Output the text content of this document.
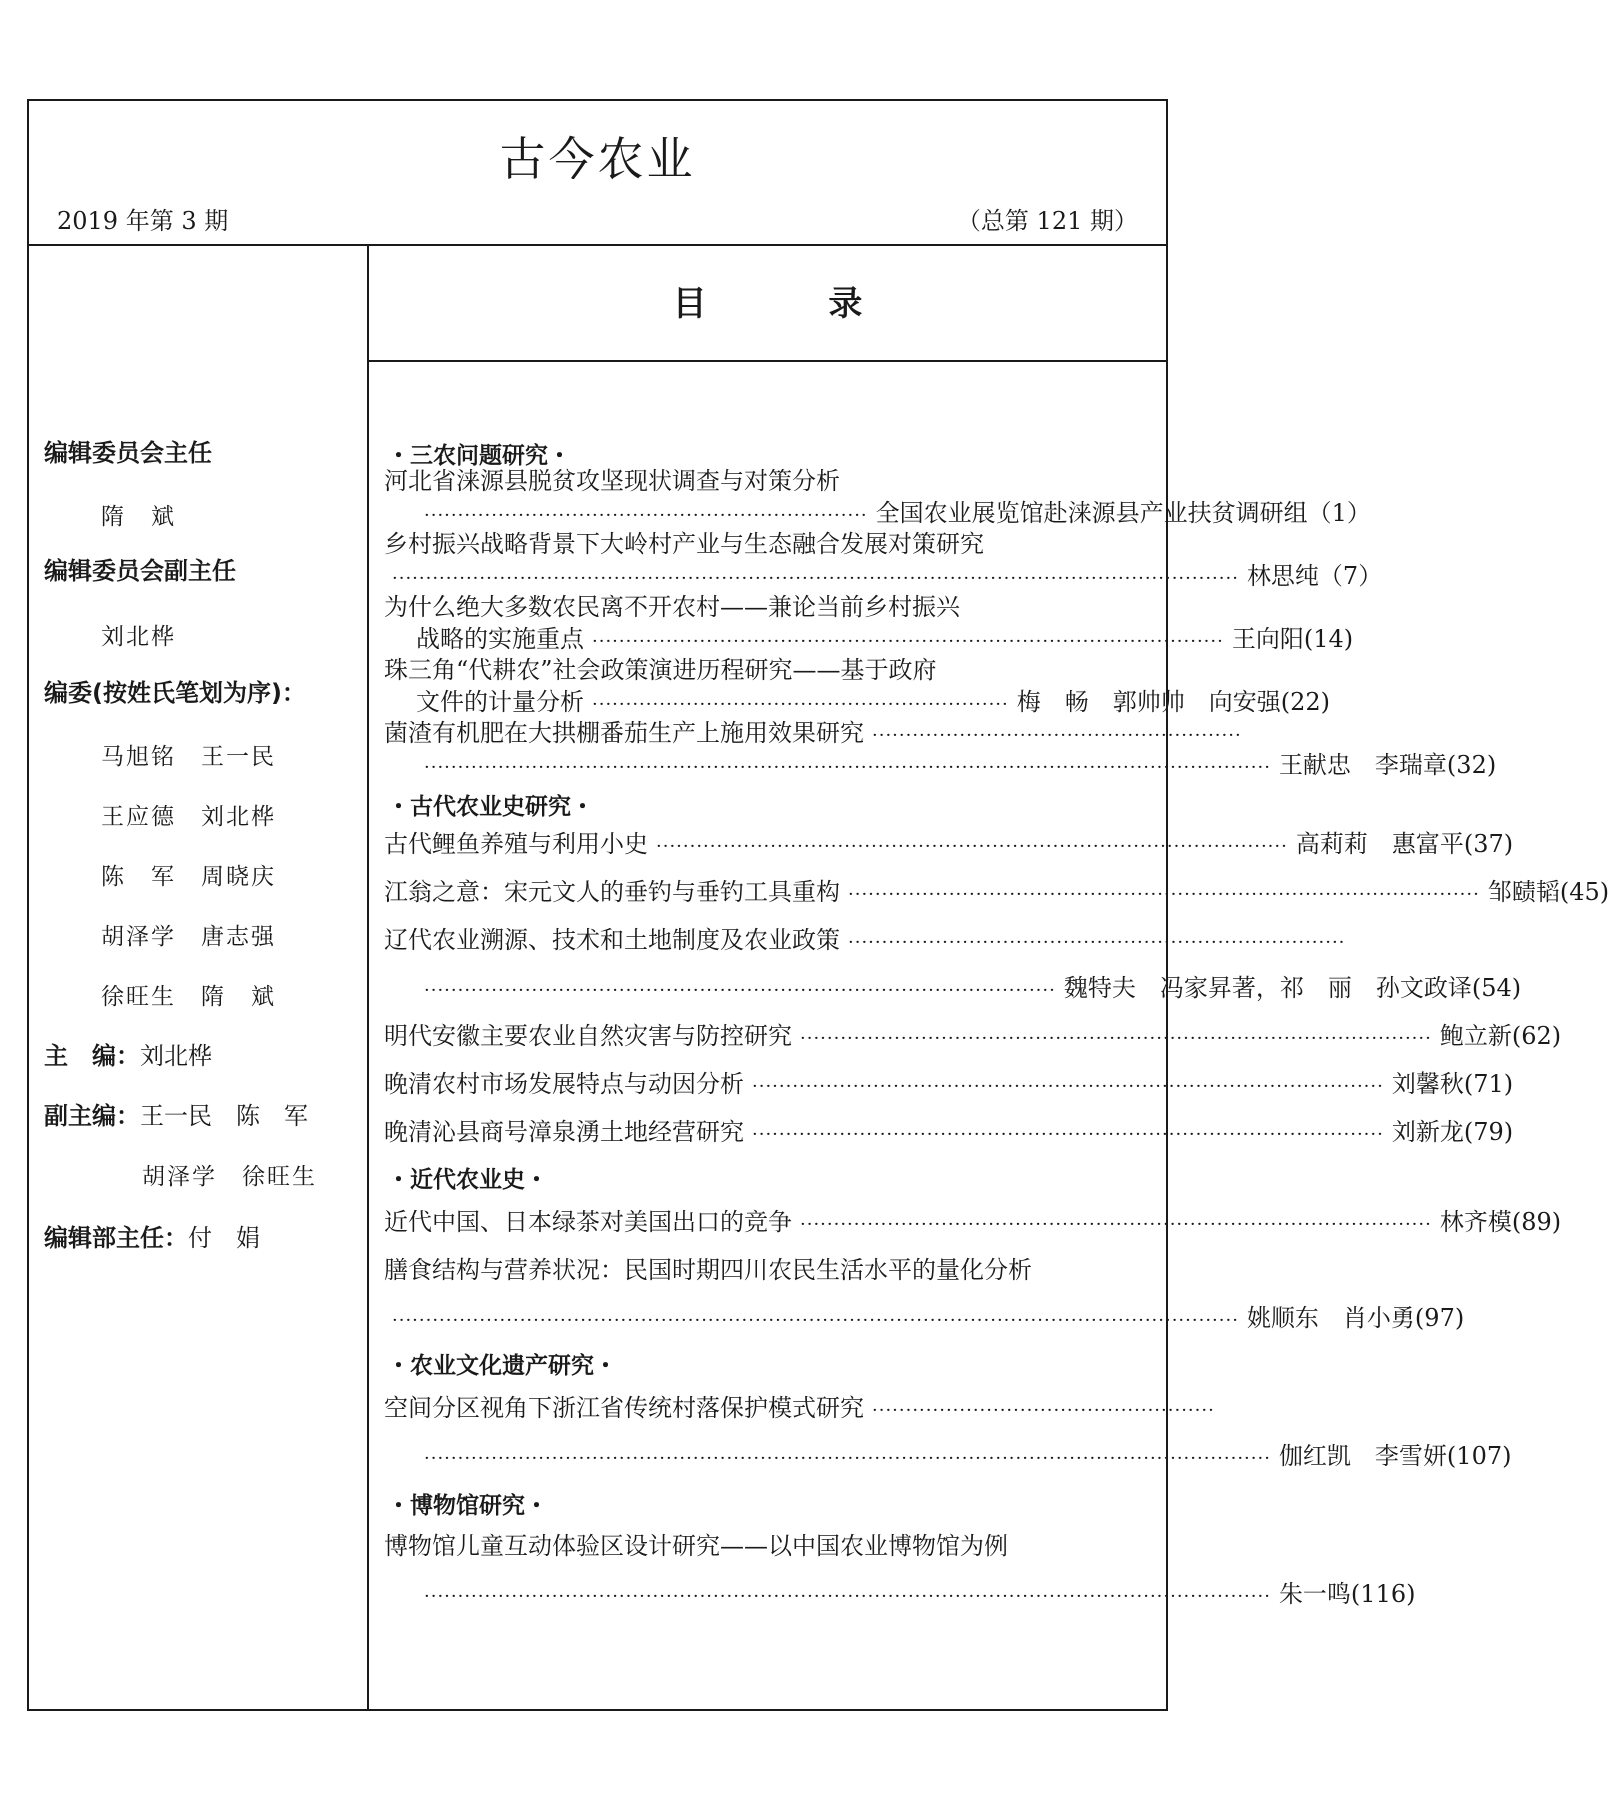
古今农业
2019 年第 3 期	（总第 121 期）
目 录
编辑委员会主任
隋　斌
编辑委员会副主任
刘北桦
编委(按姓氏笔划为序)：
马旭铭　王一民
王应德　刘北桦
陈　军　周晓庆
胡泽学　唐志强
徐旺生　隋　斌
主　编：刘北桦
副主编：王一民　陈　军
胡泽学　徐旺生
编辑部主任：付　娟
・三农问题研究・
河北省涞源县脱贫攻坚现状调查与对策分析
·································································· 全国农业展览馆赴涞源县产业扶贫调研组（1）
乡村振兴战略背景下大岭村产业与生态融合发展对策研究
······························································································································ 林思纯（7）
为什么绝大多数农民离不开农村——兼论当前乡村振兴
战略的实施重点 ······························································································ 王向阳(14)
珠三角“代耕农”社会政策演进历程研究——基于政府
文件的计量分析 ······························································ 梅　畅　郭帅帅　向安强(22)
菌渣有机肥在大拱棚番茄生产上施用效果研究 ·······················································
······························································································································ 王献忠　李瑞章(32)
・古代农业史研究・
古代鲤鱼养殖与利用小史 ······························································································ 高莉莉　惠富平(37)
江翁之意：宋元文人的垂钓与垂钓工具重构 ······························································································ 邹赜韬(45)
辽代农业溯源、技术和土地制度及农业政策 ··········································································
······························································································ 魏特夫　冯家昇著，祁　丽　孙文政译(54)
明代安徽主要农业自然灾害与防控研究 ······························································································ 鲍立新(62)
晚清农村市场发展特点与动因分析 ······························································································ 刘馨秋(71)
晚清沁县商号漳泉湧土地经营研究 ······························································································ 刘新龙(79)
・近代农业史・
近代中国、日本绿茶对美国出口的竞争 ······························································································ 林齐模(89)
膳食结构与营养状况：民国时期四川农民生活水平的量化分析
······························································································································ 姚顺东　肖小勇(97)
・农业文化遗产研究・
空间分区视角下浙江省传统村落保护模式研究 ···················································
······························································································································ 伽红凯　李雪妍(107)
・博物馆研究・
博物馆儿童互动体验区设计研究——以中国农业博物馆为例
······························································································································ 朱一鸣(116)
